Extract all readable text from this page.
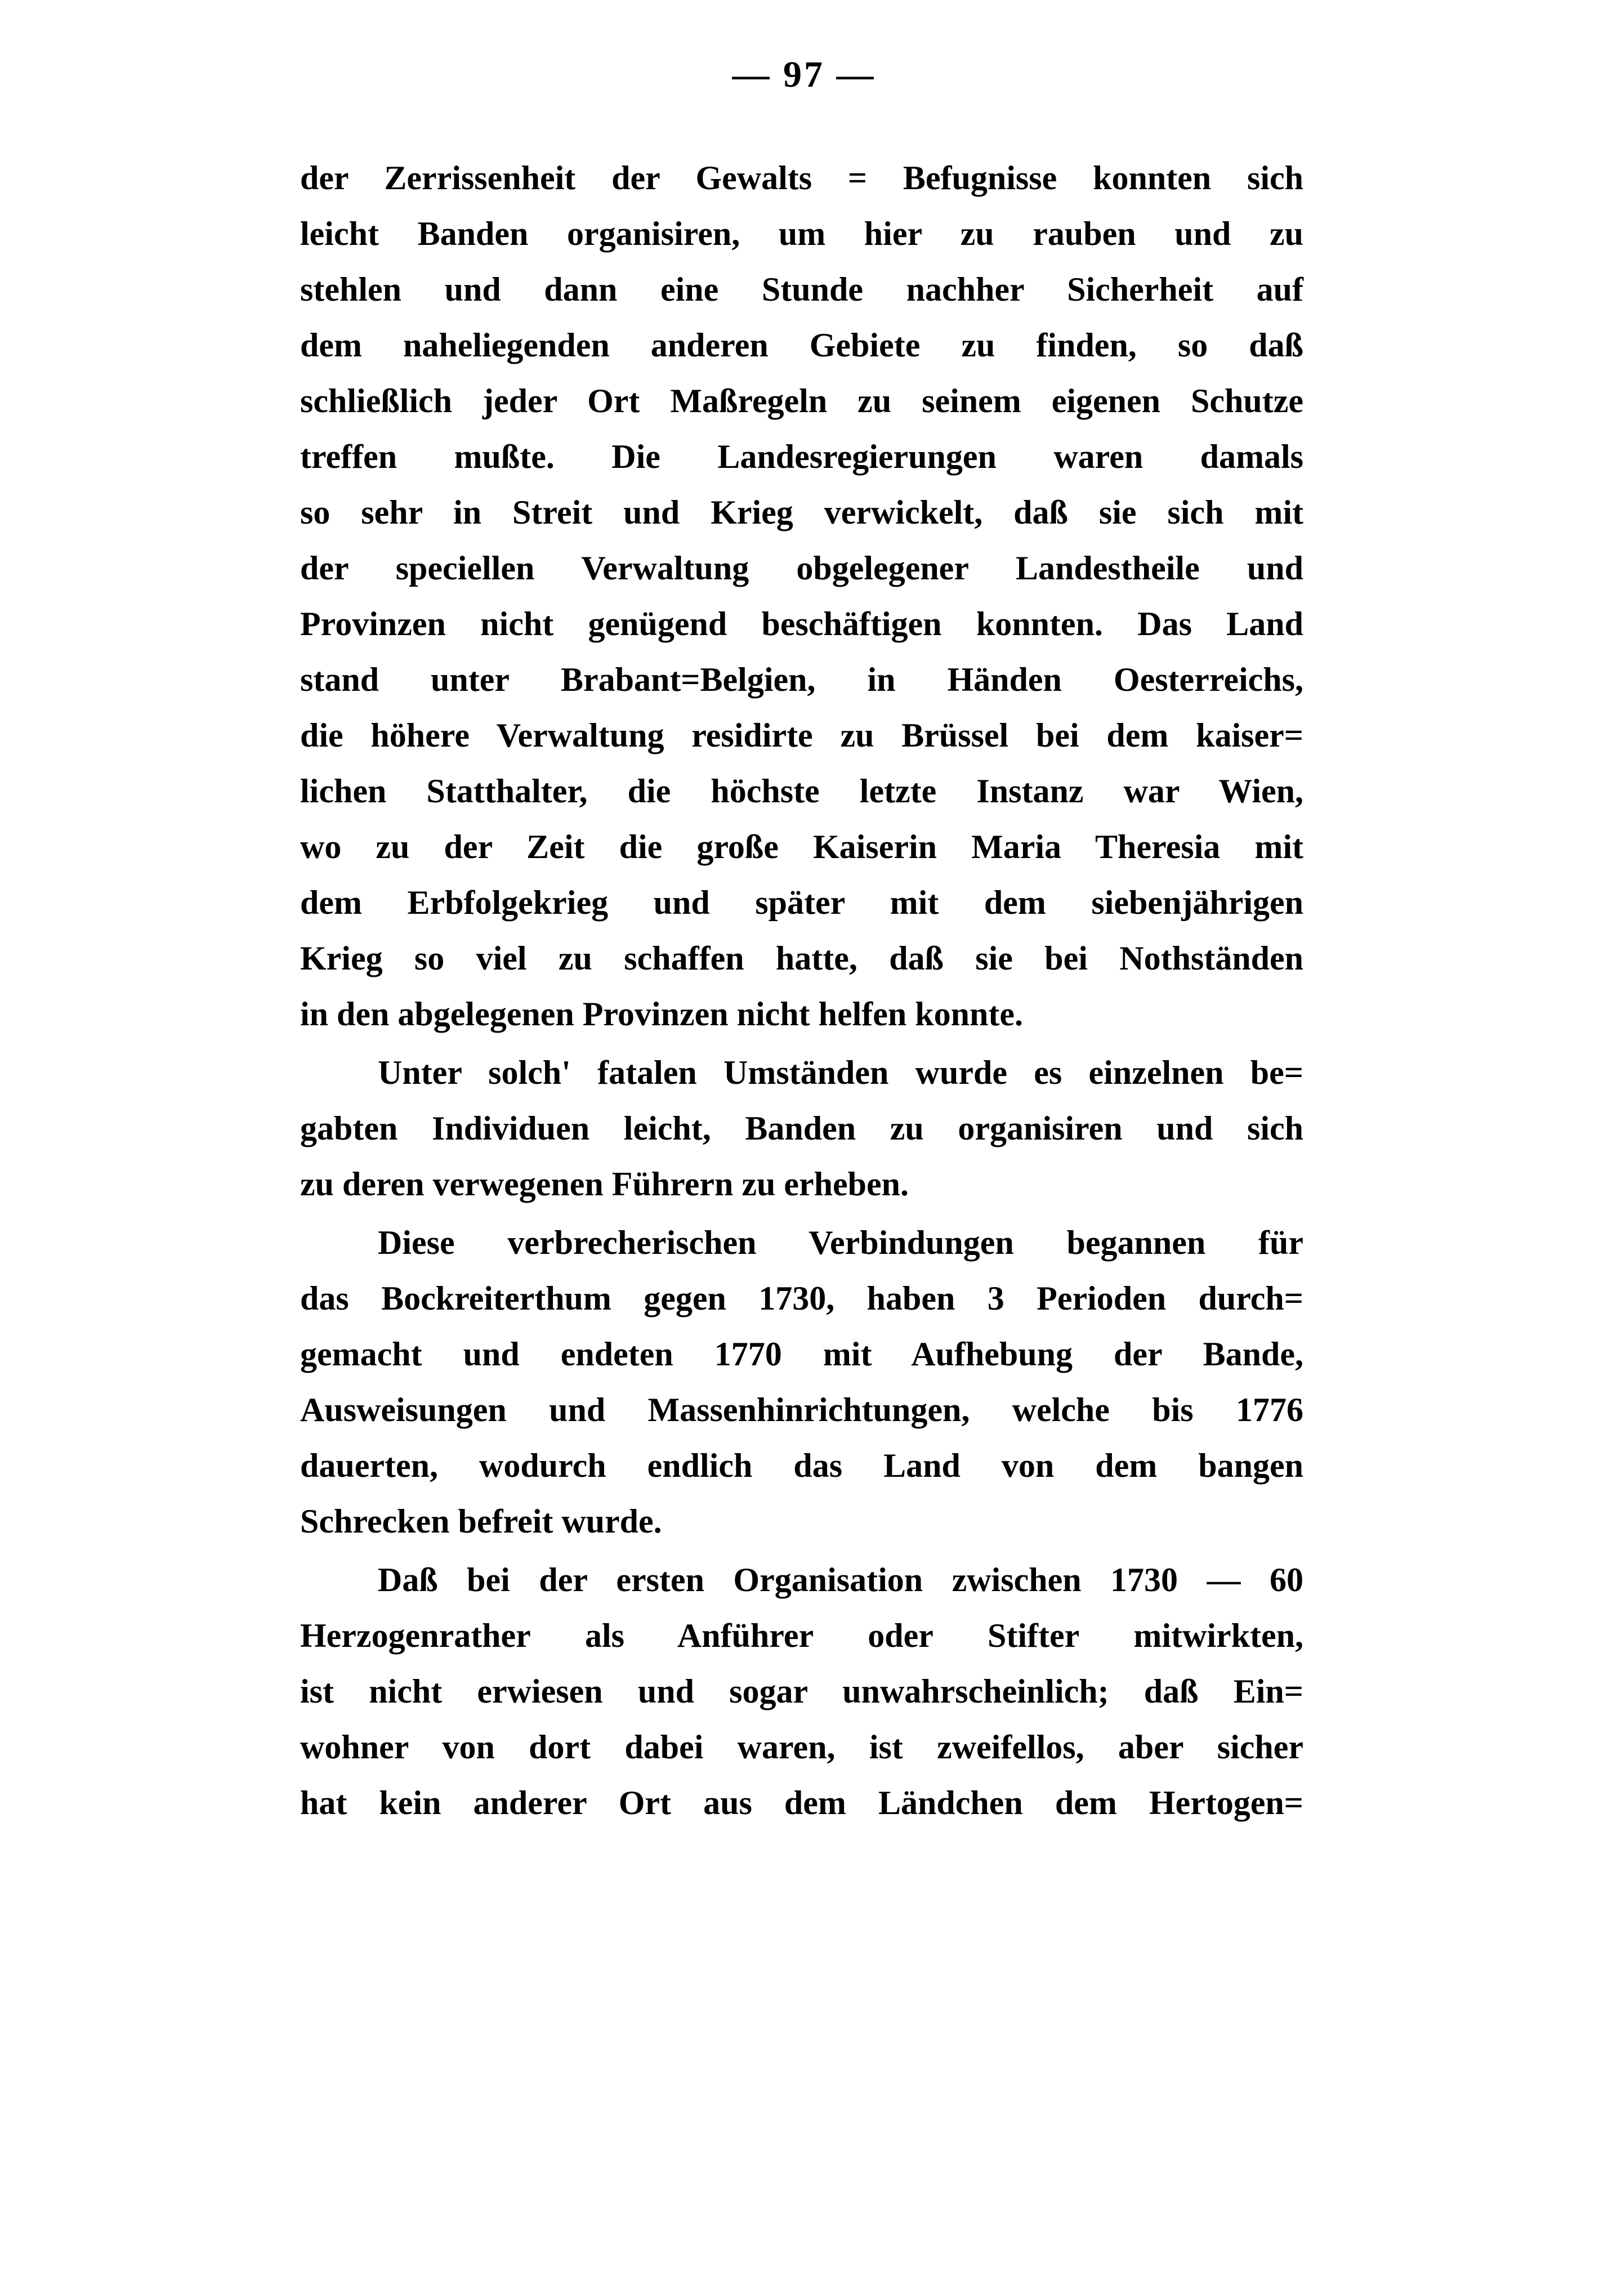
— 97 —
der Zerrissenheit der Gewalts = Befugnisse konnten sich
leicht Banden organisiren, um hier zu rauben und zu
stehlen und dann eine Stunde nachher Sicherheit auf
dem naheliegenden anderen Gebiete zu finden, so daß
schließlich jeder Ort Maßregeln zu seinem eigenen Schutze
treffen mußte. Die Landesregierungen waren damals
so sehr in Streit und Krieg verwickelt, daß sie sich mit
der speciellen Verwaltung obgelegener Landestheile und
Provinzen nicht genügend beschäftigen konnten. Das Land
stand unter Brabant=Belgien, in Händen Oesterreichs,
die höhere Verwaltung residirte zu Brüssel bei dem kaiser=
lichen Statthalter, die höchste letzte Instanz war Wien,
wo zu der Zeit die große Kaiserin Maria Theresia mit
dem Erbfolgekrieg und später mit dem siebenjährigen
Krieg so viel zu schaffen hatte, daß sie bei Nothständen
in den abgelegenen Provinzen nicht helfen konnte.
Unter solch' fatalen Umständen wurde es einzelnen be=
gabten Individuen leicht, Banden zu organisiren und sich
zu deren verwegenen Führern zu erheben.
Diese verbrecherischen Verbindungen begannen für
das Bockreiterthum gegen 1730, haben 3 Perioden durch=
gemacht und endeten 1770 mit Aufhebung der Bande,
Ausweisungen und Massenhinrichtungen, welche bis 1776
dauerten, wodurch endlich das Land von dem bangen
Schrecken befreit wurde.
Daß bei der ersten Organisation zwischen 1730 — 60
Herzogenrather als Anführer oder Stifter mitwirkten,
ist nicht erwiesen und sogar unwahrscheinlich; daß Ein=
wohner von dort dabei waren, ist zweifellos, aber sicher
hat kein anderer Ort aus dem Ländchen dem Hertogen=
